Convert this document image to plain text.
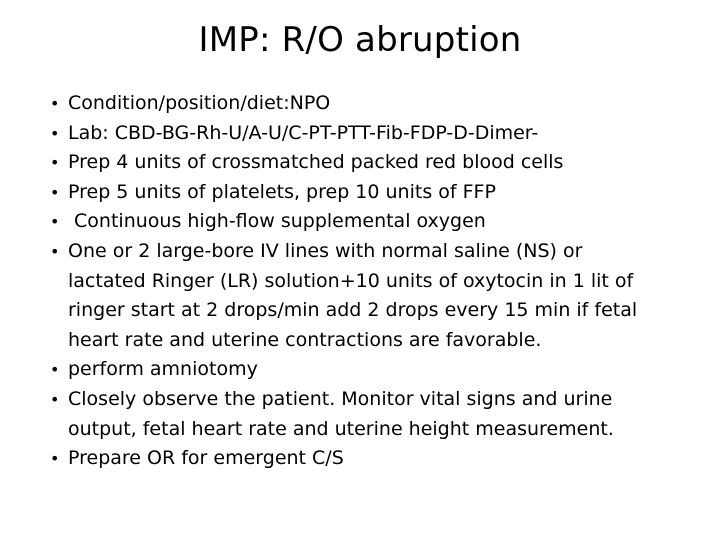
IMP: R/O abruption
• Condition/position/diet:NPO
• Lab: CBD-BG-Rh-U/A-U/C-PT-PTT-Fib-FDP-D-Dimer-
• Prep 4 units of crossmatched packed red blood cells
• Prep 5 units of platelets, prep 10 units of FFP
• Continuous high-flow supplemental oxygen
• One or 2 large-bore IV lines with normal saline (NS) or
lactated Ringer (LR) solution+10 units of oxytocin in 1 lit of
ringer start at 2 drops/min add 2 drops every 15 min if fetal
heart rate and uterine contractions are favorable.
• perform amniotomy
• Closely observe the patient. Monitor vital signs and urine
output, fetal heart rate and uterine height measurement.
• Prepare OR for emergent C/S
